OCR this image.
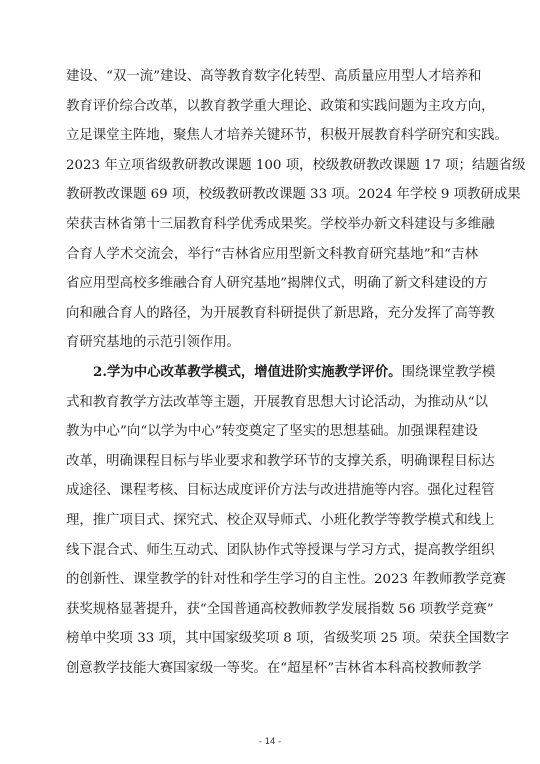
建设、“双一流”建设、高等教育数字化转型、高质量应用型人才培养和
教育评价综合改革，以教育教学重大理论、政策和实践问题为主攻方向，
立足课堂主阵地，聚焦人才培养关键环节，积极开展教育科学研究和实践。
2023 年立项省级教研教改课题 100 项，校级教研教改课题 17 项；结题省级
教研教改课题 69 项，校级教研教改课题 33 项。2024 年学校 9 项教研成果
荣获吉林省第十三届教育科学优秀成果奖。学校举办新文科建设与多维融
合育人学术交流会，举行“吉林省应用型新文科教育研究基地”和“吉林
省应用型高校多维融合育人研究基地”揭牌仪式，明确了新文科建设的方
向和融合育人的路径，为开展教育科研提供了新思路，充分发挥了高等教
育研究基地的示范引领作用。
2.学为中心改革教学模式，增值进阶实施教学评价。围绕课堂教学模
式和教育教学方法改革等主题，开展教育思想大讨论活动，为推动从“以
教为中心”向“以学为中心”转变奠定了坚实的思想基础。加强课程建设
改革，明确课程目标与毕业要求和教学环节的支撑关系，明确课程目标达
成途径、课程考核、目标达成度评价方法与改进措施等内容。强化过程管
理，推广项目式、探究式、校企双导师式、小班化教学等教学模式和线上
线下混合式、师生互动式、团队协作式等授课与学习方式，提高教学组织
的创新性、课堂教学的针对性和学生学习的自主性。2023 年教师教学竞赛
获奖规格显著提升，获“全国普通高校教师教学发展指数 56 项教学竞赛”
榜单中奖项 33 项，其中国家级奖项 8 项，省级奖项 25 项。荣获全国数字
创意教学技能大赛国家级一等奖。在“超星杯”吉林省本科高校教师教学
- 14 -
